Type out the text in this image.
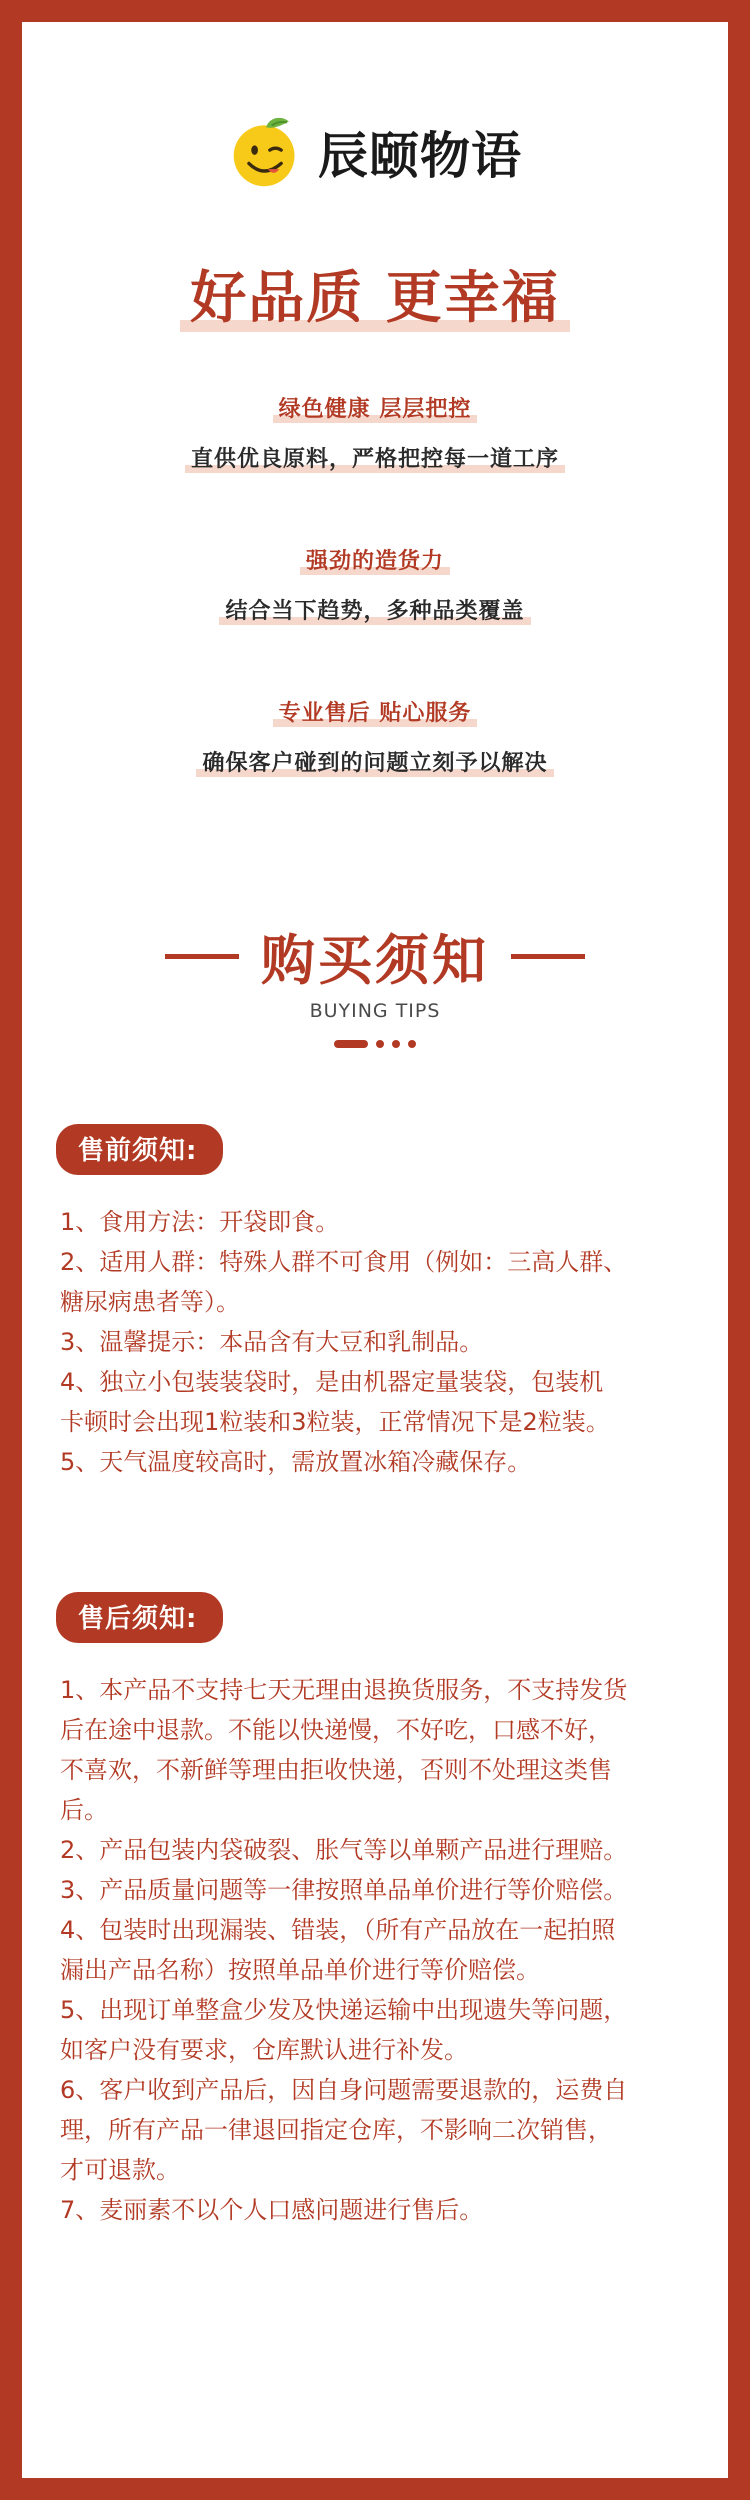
辰颐物语
好品质 更幸福
绿色健康 层层把控
直供优良原料，严格把控每一道工序
强劲的造货力
结合当下趋势，多种品类覆盖
专业售后 贴心服务
确保客户碰到的问题立刻予以解决
购买须知
BUYING TIPS
售前须知:

1、食用方法：开袋即食。

2、适用人群：特殊人群不可食用（例如：三高人群、
糖尿病患者等）。

3、温馨提示：本品含有大豆和乳制品。

4、独立小包装装袋时，是由机器定量装袋，包装机
卡顿时会出现1粒装和3粒装，正常情况下是2粒装。

5、天气温度较高时，需放置冰箱冷藏保存。

售后须知:

1、本产品不支持七天无理由退换货服务，不支持发货
后在途中退款。不能以快递慢，不好吃，口感不好，
不喜欢，不新鲜等理由拒收快递，否则不处理这类售
后。

2、产品包装内袋破裂、胀气等以单颗产品进行理赔。

3、产品质量问题等一律按照单品单价进行等价赔偿。

4、包装时出现漏装、错装，（所有产品放在一起拍照
漏出产品名称）按照单品单价进行等价赔偿。

5、出现订单整盒少发及快递运输中出现遗失等问题，
如客户没有要求，仓库默认进行补发。

6、客户收到产品后，因自身问题需要退款的，运费自
理，所有产品一律退回指定仓库，不影响二次销售，
才可退款。

7、麦丽素不以个人口感问题进行售后。
